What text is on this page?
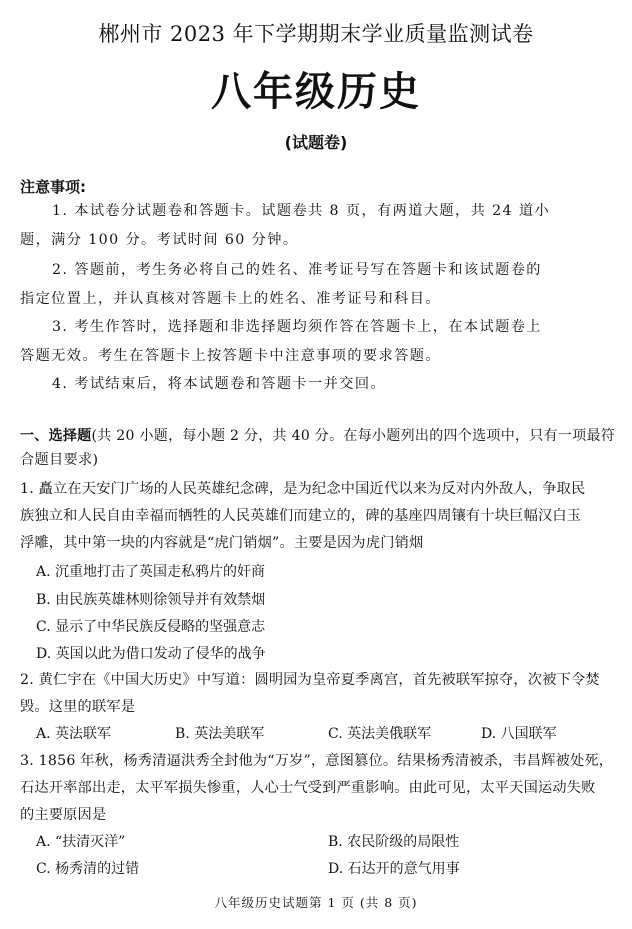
郴州市 2023 年下学期期末学业质量监测试卷
八年级历史
(试题卷)
注意事项:
1. 本试卷分试题卷和答题卡。试题卷共 8 页，有两道大题，共 24 道小
题，满分 100 分。考试时间 60 分钟。
2. 答题前，考生务必将自己的姓名、准考证号写在答题卡和该试题卷的
指定位置上，并认真核对答题卡上的姓名、准考证号和科目。
3. 考生作答时，选择题和非选择题均须作答在答题卡上，在本试题卷上
答题无效。考生在答题卡上按答题卡中注意事项的要求答题。
4. 考试结束后，将本试题卷和答题卡一并交回。
一、选择题(共 20 小题，每小题 2 分，共 40 分。在每小题列出的四个选项中，只有一项最符
合题目要求)
1. 矗立在天安门广场的人民英雄纪念碑，是为纪念中国近代以来为反对内外敌人，争取民
族独立和人民自由幸福而牺牲的人民英雄们而建立的，碑的基座四周镶有十块巨幅汉白玉
浮雕，其中第一块的内容就是“虎门销烟”。主要是因为虎门销烟
A. 沉重地打击了英国走私鸦片的奸商
B. 由民族英雄林则徐领导并有效禁烟
C. 显示了中华民族反侵略的坚强意志
D. 英国以此为借口发动了侵华的战争
2. 黄仁宇在《中国大历史》中写道：圆明园为皇帝夏季离宫，首先被联军掠夺，次被下令焚
毁。这里的联军是
A. 英法联军	B. 英法美联军	C. 英法美俄联军	D. 八国联军
3. 1856 年秋，杨秀清逼洪秀全封他为“万岁”，意图篡位。结果杨秀清被杀，韦昌辉被处死，
石达开率部出走，太平军损失惨重，人心士气受到严重影响。由此可见，太平天国运动失败
的主要原因是
A. “扶清灭洋”	B. 农民阶级的局限性
C. 杨秀清的过错	D. 石达开的意气用事
八年级历史试题第 1 页 (共 8 页)
